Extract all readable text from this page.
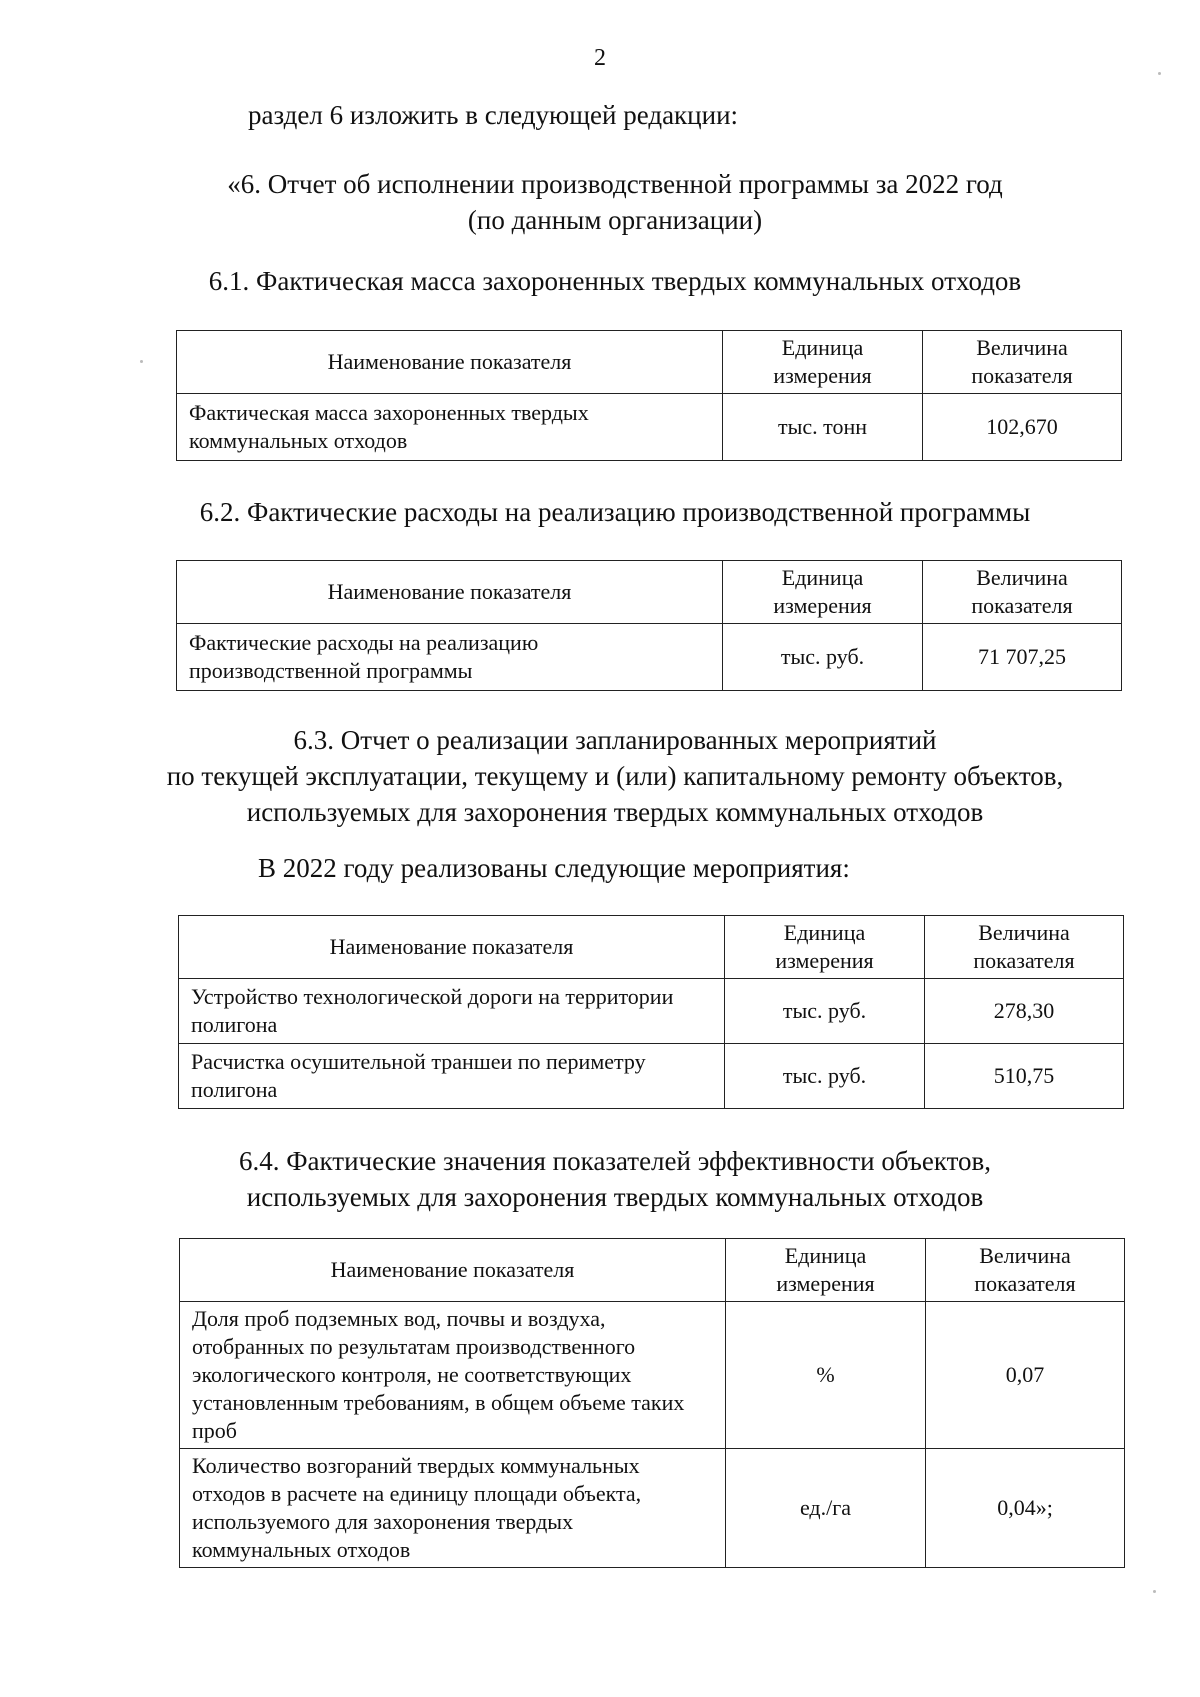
2
раздел 6 изложить в следующей редакции:
«6. Отчет об исполнении производственной программы за 2022 год
(по данным организации)
6.1. Фактическая масса захороненных твердых коммунальных отходов
Наименование показателя	Единица измерения	Величина показателя
Фактическая масса захороненных твердых коммунальных отходов	тыс. тонн	102,670
6.2. Фактические расходы на реализацию производственной программы
Наименование показателя	Единица измерения	Величина показателя
Фактические расходы на реализацию производственной программы	тыс. руб.	71 707,25
6.3. Отчет о реализации запланированных мероприятий
по текущей эксплуатации, текущему и (или) капитальному ремонту объектов,
используемых для захоронения твердых коммунальных отходов
В 2022 году реализованы следующие мероприятия:
Наименование показателя	Единица измерения	Величина показателя
Устройство технологической дороги на территории полигона	тыс. руб.	278,30
Расчистка осушительной траншеи по периметру полигона	тыс. руб.	510,75
6.4. Фактические значения показателей эффективности объектов,
используемых для захоронения твердых коммунальных отходов
Наименование показателя	Единица измерения	Величина показателя
Доля проб подземных вод, почвы и воздуха, отобранных по результатам производственного экологического контроля, не соответствующих установленным требованиям, в общем объеме таких проб	%	0,07
Количество возгораний твердых коммунальных отходов в расчете на единицу площади объекта, используемого для захоронения твердых коммунальных отходов	ед./га	0,04»;
